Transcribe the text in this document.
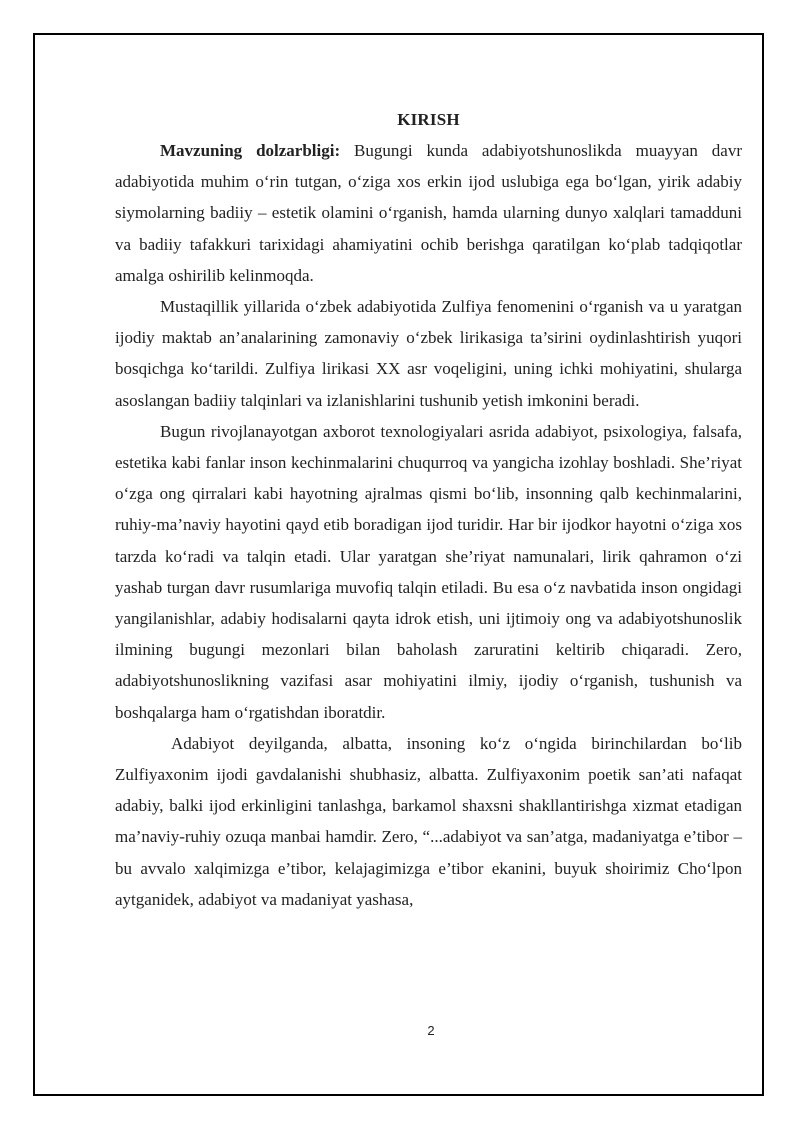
KIRISH

Mavzuning dolzarbligi: Bugungi kunda adabiyotshunoslikda muayyan davr adabiyotida muhim o‘rin tutgan, o‘ziga xos erkin ijod uslubiga ega bo‘lgan, yirik adabiy siymolarning badiiy – estetik olamini o‘rganish, hamda ularning dunyo xalqlari tamadduni va badiiy tafakkuri tarixidagi ahamiyatini ochib berishga qaratilgan ko‘plab tadqiqotlar amalga oshirilib kelinmoqda.

Mustaqillik yillarida o‘zbek adabiyotida Zulfiya fenomenini o‘rganish va u yaratgan ijodiy maktab an’analarining zamonaviy o‘zbek lirikasiga ta’sirini oydinlashtirish yuqori bosqichga ko‘tarildi. Zulfiya lirikasi XX asr voqeligini, uning ichki mohiyatini, shularga asoslangan badiiy talqinlari va izlanishlarini tushunib yetish imkonini beradi.

Bugun rivojlanayotgan axborot texnologiyalari asrida adabiyot, psixologiya, falsafa, estetika kabi fanlar inson kechinmalarini chuqurroq va yangicha izohlay boshladi. She’riyat o‘zga ong qirralari kabi hayotning ajralmas qismi bo‘lib, insonning qalb kechinmalarini, ruhiy-ma’naviy hayotini qayd etib boradigan ijod turidir. Har bir ijodkor hayotni o‘ziga xos tarzda ko‘radi va talqin etadi. Ular yaratgan she’riyat namunalari, lirik qahramon o‘zi yashab turgan davr rusumlariga muvofiq talqin etiladi. Bu esa o‘z navbatida inson ongidagi yangilanishlar, adabiy hodisalarni qayta idrok etish, uni ijtimoiy ong va adabiyotshunoslik ilmining bugungi mezonlari bilan baholash zaruratini keltirib chiqaradi. Zero, adabiyotshunoslikning vazifasi asar mohiyatini ilmiy, ijodiy o‘rganish, tushunish va boshqalarga ham o‘rgatishdan iboratdir.

Adabiyot deyilganda, albatta, insoning ko‘z o‘ngida birinchilardan bo‘lib Zulfiyaxonim ijodi gavdalanishi shubhasiz, albatta. Zulfiyaxonim poetik san’ati nafaqat adabiy, balki ijod erkinligini tanlashga, barkamol shaxsni shakllantirishga xizmat etadigan ma’naviy-ruhiy ozuqa manbai hamdir. Zero, “...adabiyot va san’atga, madaniyatga e’tibor – bu avvalo xalqimizga e’tibor, kelajagimizga e’tibor ekanini, buyuk shoirimiz Cho‘lpon aytganidek, adabiyot va madaniyat yashasa,

2
